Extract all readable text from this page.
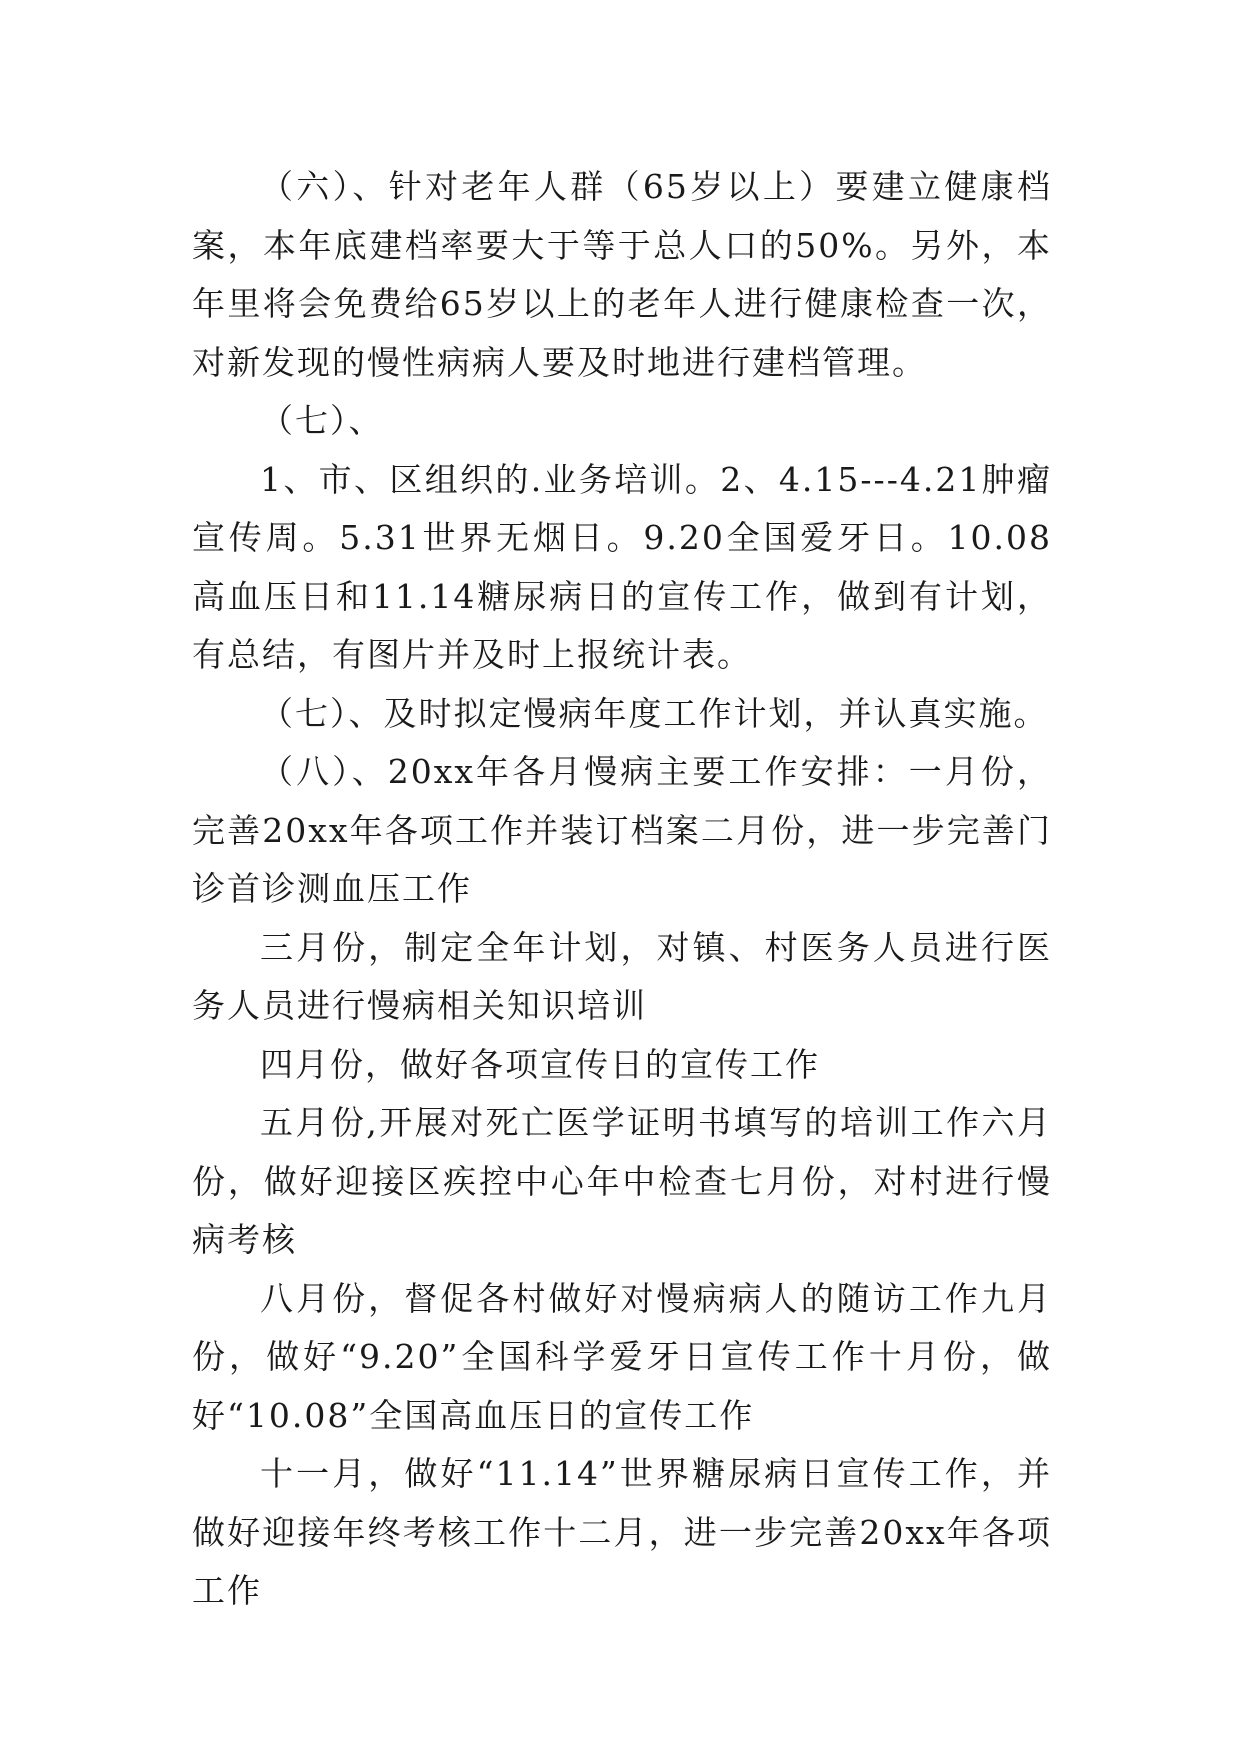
（六）、针对老年人群（65岁以上）要建立健康档案，本年底建档率要大于等于总人口的50%。另外，本年里将会免费给65岁以上的老年人进行健康检查一次，对新发现的慢性病病人要及时地进行建档管理。

（七）、

1、市、区组织的.业务培训。2、4.15---4.21肿瘤宣传周。5.31世界无烟日。9.20全国爱牙日。10.08高血压日和11.14糖尿病日的宣传工作，做到有计划，有总结，有图片并及时上报统计表。

（七）、及时拟定慢病年度工作计划，并认真实施。

（八）、20xx年各月慢病主要工作安排：一月份，完善20xx年各项工作并装订档案二月份，进一步完善门诊首诊测血压工作

三月份，制定全年计划，对镇、村医务人员进行医务人员进行慢病相关知识培训

四月份，做好各项宣传日的宣传工作

五月份,开展对死亡医学证明书填写的培训工作六月份，做好迎接区疾控中心年中检查七月份，对村进行慢病考核

八月份，督促各村做好对慢病病人的随访工作九月份，做好“9.20”全国科学爱牙日宣传工作十月份，做好“10.08”全国高血压日的宣传工作

十一月，做好“11.14”世界糖尿病日宣传工作，并做好迎接年终考核工作十二月，进一步完善20xx年各项工作
